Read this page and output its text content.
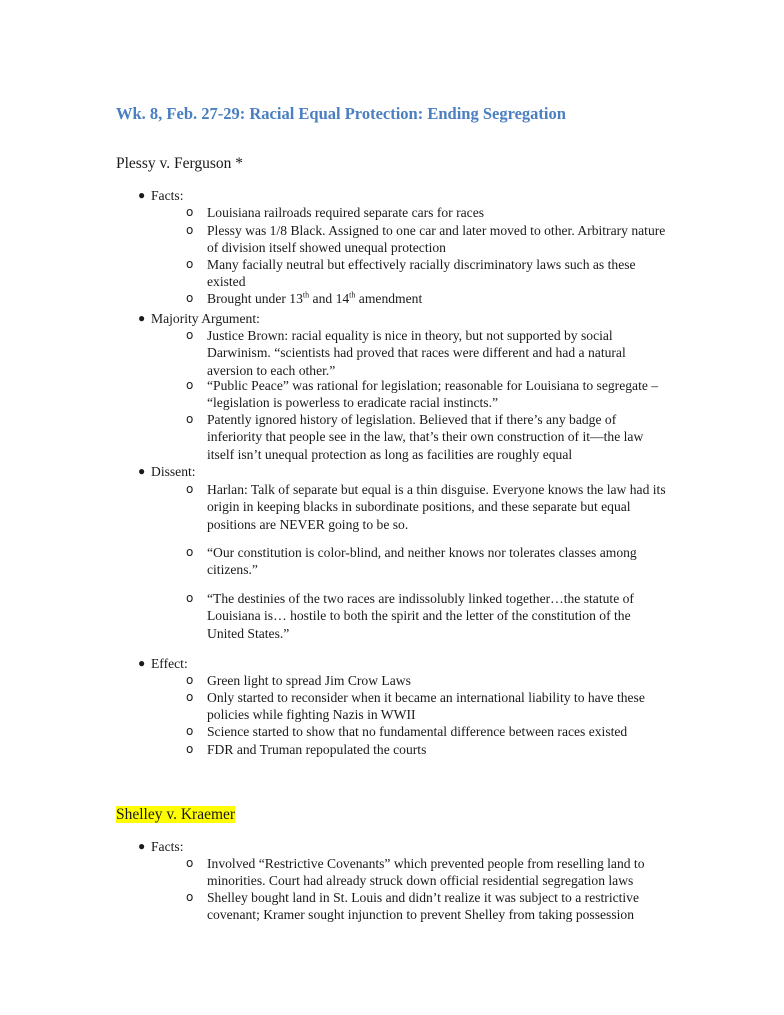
Wk. 8, Feb. 27-29: Racial Equal Protection: Ending Segregation

Plessy v. Ferguson *

● Facts:
o Louisiana railroads required separate cars for races
o Plessy was 1/8 Black. Assigned to one car and later moved to other. Arbitrary nature of division itself showed unequal protection
o Many facially neutral but effectively racially discriminatory laws such as these existed
o Brought under 13th and 14th amendment
● Majority Argument:
o Justice Brown: racial equality is nice in theory, but not supported by social Darwinism. “scientists had proved that races were different and had a natural aversion to each other.”
o “Public Peace” was rational for legislation; reasonable for Louisiana to segregate – “legislation is powerless to eradicate racial instincts.”
o Patently ignored history of legislation. Believed that if there’s any badge of inferiority that people see in the law, that’s their own construction of it—the law itself isn’t unequal protection as long as facilities are roughly equal
● Dissent:
o Harlan: Talk of separate but equal is a thin disguise. Everyone knows the law had its origin in keeping blacks in subordinate positions, and these separate but equal positions are NEVER going to be so.
o “Our constitution is color-blind, and neither knows nor tolerates classes among citizens.”
o “The destinies of the two races are indissolubly linked together…the statute of Louisiana is… hostile to both the spirit and the letter of the constitution of the United States.”
● Effect:
o Green light to spread Jim Crow Laws
o Only started to reconsider when it became an international liability to have these policies while fighting Nazis in WWII
o Science started to show that no fundamental difference between races existed
o FDR and Truman repopulated the courts

Shelley v. Kraemer

● Facts:
o Involved “Restrictive Covenants” which prevented people from reselling land to minorities. Court had already struck down official residential segregation laws
o Shelley bought land in St. Louis and didn’t realize it was subject to a restrictive covenant; Kramer sought injunction to prevent Shelley from taking possession
